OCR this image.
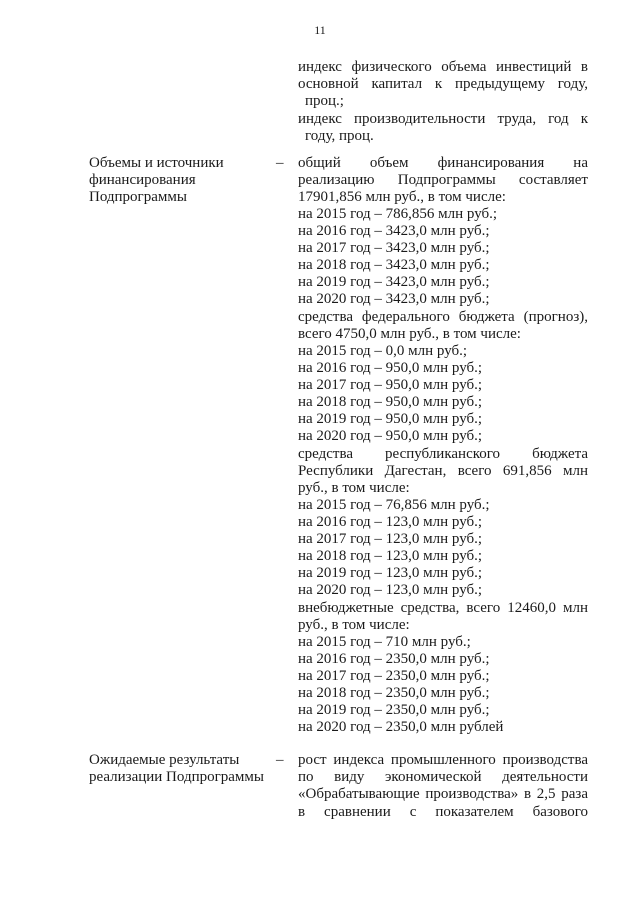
11
индекс физического объема инвестиций в
основной капитал к предыдущему году,
проц.;
индекс производительности труда, год к
году, проц.
Объемы и источники
финансирования
Подпрограммы
– общий объем финансирования на
реализацию Подпрограммы составляет
17901,856 млн руб., в том числе:
на 2015 год – 786,856 млн руб.;
на 2016 год – 3423,0 млн руб.;
на 2017 год – 3423,0 млн руб.;
на 2018 год – 3423,0 млн руб.;
на 2019 год – 3423,0 млн руб.;
на 2020 год – 3423,0 млн руб.;
средства федерального бюджета (прогноз),
всего 4750,0 млн руб., в том числе:
на 2015 год – 0,0 млн руб.;
на 2016 год – 950,0 млн руб.;
на 2017 год – 950,0 млн руб.;
на 2018 год – 950,0 млн руб.;
на 2019 год – 950,0 млн руб.;
на 2020 год – 950,0 млн руб.;
средства республиканского бюджета
Республики Дагестан, всего 691,856 млн
руб., в том числе:
на 2015 год – 76,856 млн руб.;
на 2016 год – 123,0 млн руб.;
на 2017 год – 123,0 млн руб.;
на 2018 год – 123,0 млн руб.;
на 2019 год – 123,0 млн руб.;
на 2020 год – 123,0 млн руб.;
внебюджетные средства, всего 12460,0 млн
руб., в том числе:
на 2015 год – 710 млн руб.;
на 2016 год – 2350,0 млн руб.;
на 2017 год – 2350,0 млн руб.;
на 2018 год – 2350,0 млн руб.;
на 2019 год – 2350,0 млн руб.;
на 2020 год – 2350,0 млн рублей
Ожидаемые результаты
реализации Подпрограммы
– рост индекса промышленного производства
по виду экономической деятельности
«Обрабатывающие производства» в 2,5 раза
в сравнении с показателем базового
